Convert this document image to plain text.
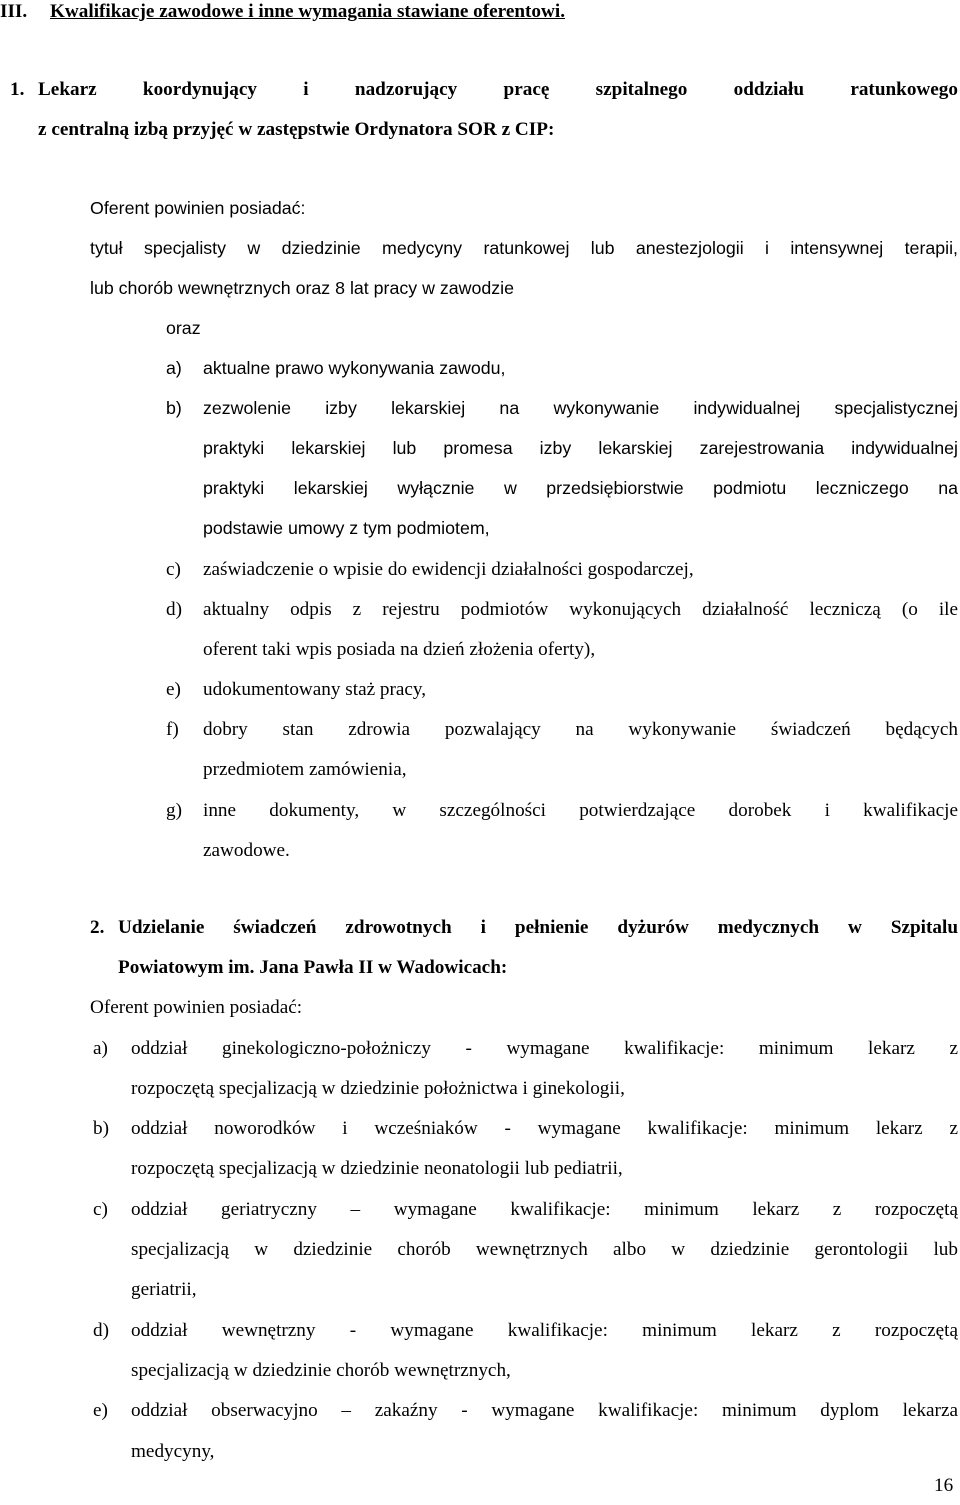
III. Kwalifikacje zawodowe i inne wymagania stawiane oferentowi.
1. Lekarz koordynujący i nadzorujący pracę szpitalnego oddziału ratunkowego
z centralną izbą przyjęć w zastępstwie Ordynatora SOR z CIP:
Oferent powinien posiadać:
tytuł specjalisty w dziedzinie medycyny ratunkowej lub anestezjologii i intensywnej terapii,
lub chorób wewnętrznych oraz 8 lat pracy w zawodzie
oraz
a) aktualne prawo wykonywania zawodu,
b) zezwolenie izby lekarskiej na wykonywanie indywidualnej specjalistycznej
praktyki lekarskiej lub promesa izby lekarskiej zarejestrowania indywidualnej
praktyki lekarskiej wyłącznie w przedsiębiorstwie podmiotu leczniczego na
podstawie umowy z tym podmiotem,
c) zaświadczenie o wpisie do ewidencji działalności gospodarczej,
d) aktualny odpis z rejestru podmiotów wykonujących działalność leczniczą (o ile
oferent taki wpis posiada na dzień złożenia oferty),
e) udokumentowany staż pracy,
f) dobry stan zdrowia pozwalający na wykonywanie świadczeń będących
przedmiotem zamówienia,
g) inne dokumenty, w szczególności potwierdzające dorobek i kwalifikacje
zawodowe.
2. Udzielanie świadczeń zdrowotnych i pełnienie dyżurów medycznych w Szpitalu
Powiatowym im. Jana Pawła II w Wadowicach:
Oferent powinien posiadać:
a) oddział ginekologiczno-położniczy - wymagane kwalifikacje: minimum lekarz z
rozpoczętą specjalizacją w dziedzinie położnictwa i ginekologii,
b) oddział noworodków i wcześniaków - wymagane kwalifikacje: minimum lekarz z
rozpoczętą specjalizacją w dziedzinie neonatologii lub pediatrii,
c) oddział geriatryczny – wymagane kwalifikacje: minimum lekarz z rozpoczętą
specjalizacją w dziedzinie chorób wewnętrznych albo w dziedzinie gerontologii lub
geriatrii,
d) oddział wewnętrzny - wymagane kwalifikacje: minimum lekarz z rozpoczętą
specjalizacją w dziedzinie chorób wewnętrznych,
e) oddział obserwacyjno – zakaźny - wymagane kwalifikacje: minimum dyplom lekarza
medycyny,
16
